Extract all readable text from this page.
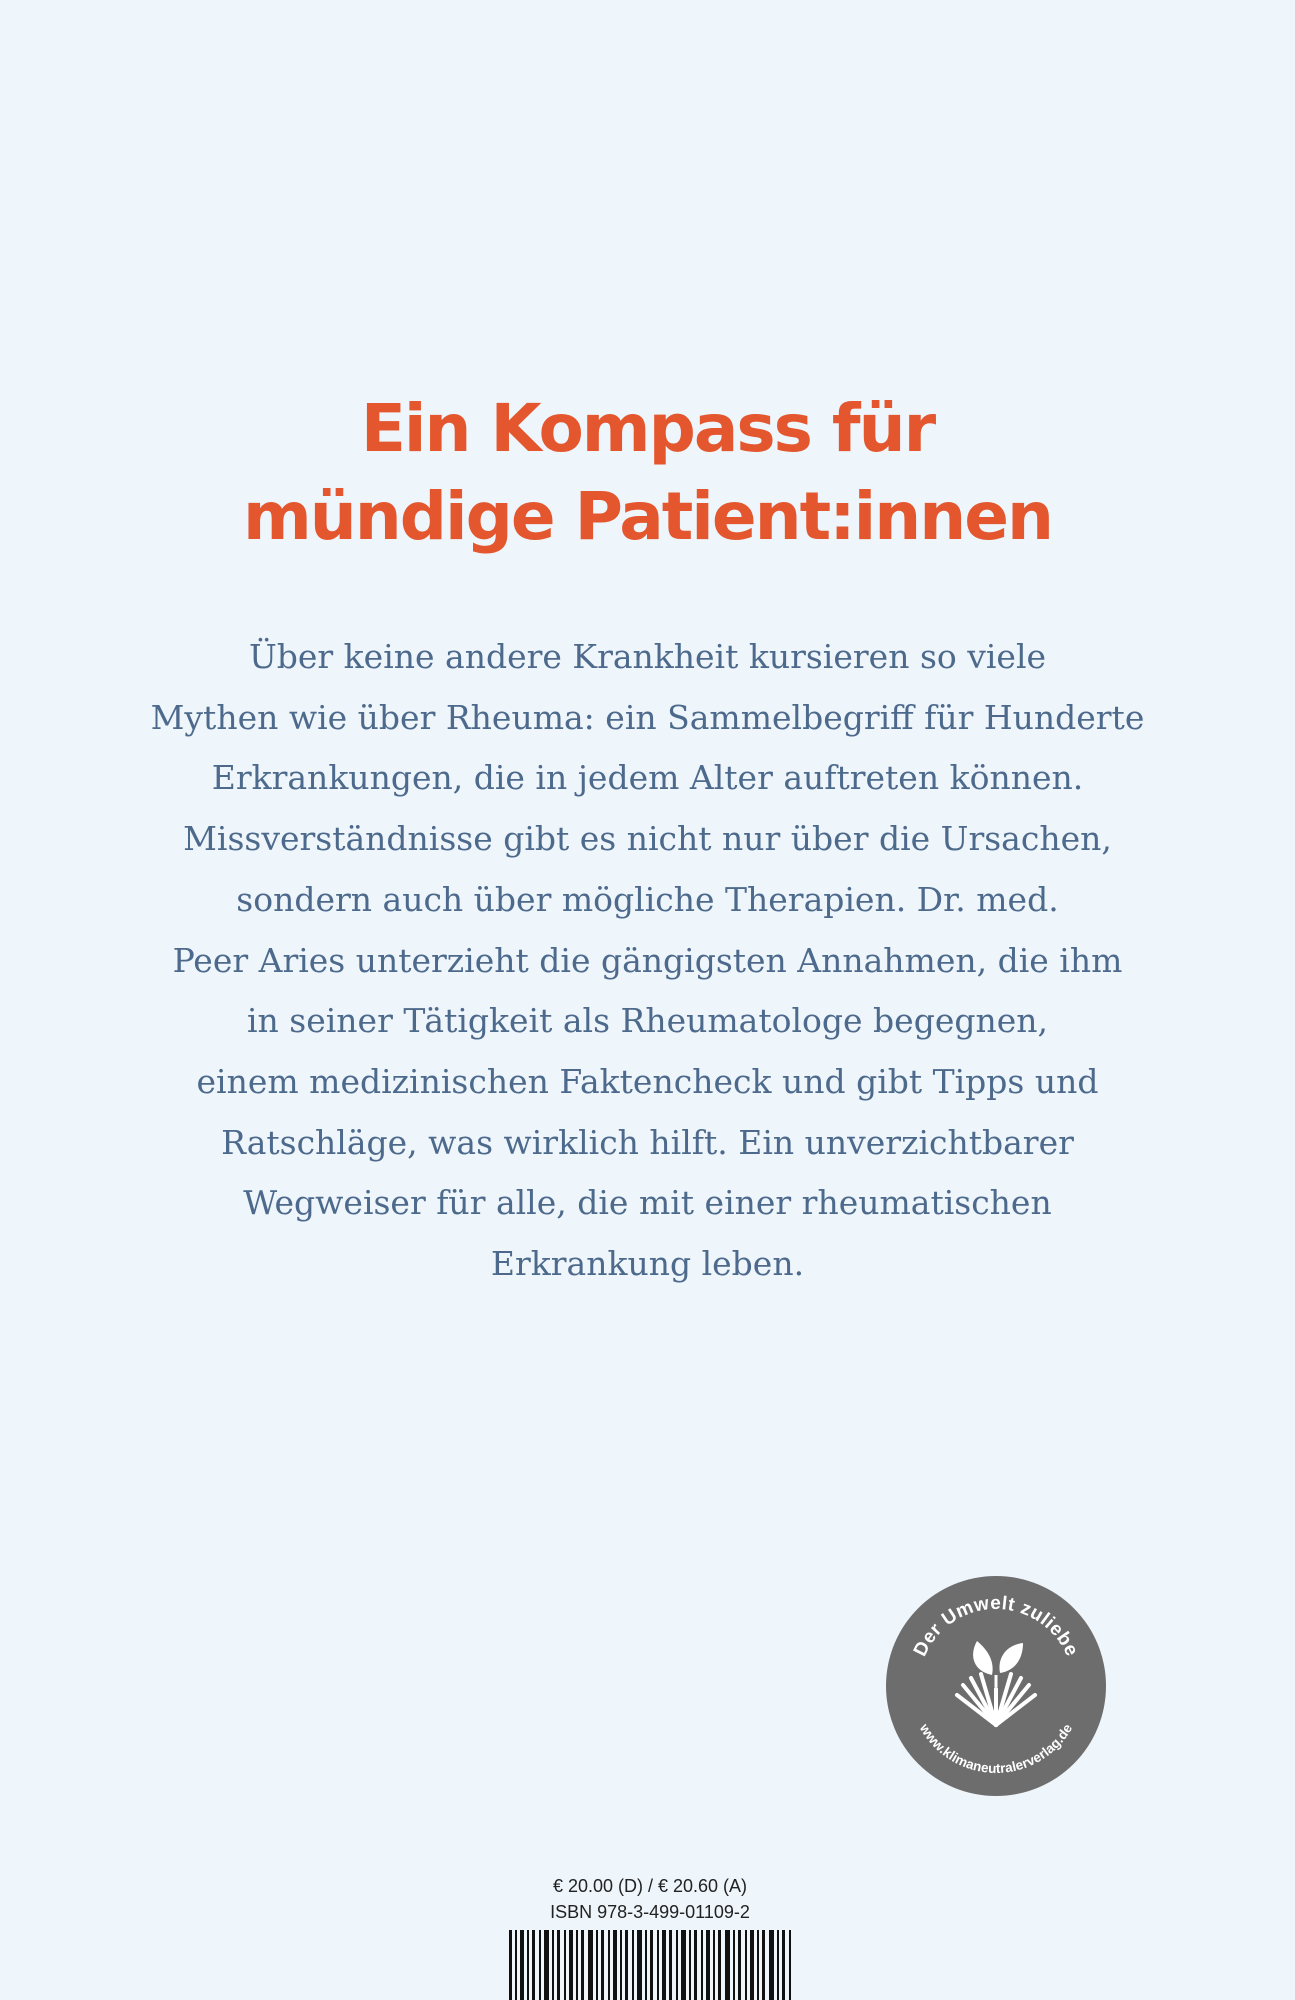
Ein Kompass für
mündige Patient:innen

Über keine andere Krankheit kursieren so viele
Mythen wie über Rheuma: ein Sammelbegriff für Hunderte
Erkrankungen, die in jedem Alter auftreten können.
Missverständnisse gibt es nicht nur über die Ursachen,
sondern auch über mögliche Therapien. Dr. med.
Peer Aries unterzieht die gängigsten Annahmen, die ihm
in seiner Tätigkeit als Rheumatologe begegnen,
einem medizinischen Faktencheck und gibt Tipps und
Ratschläge, was wirklich hilft. Ein unverzichtbarer
Wegweiser für alle, die mit einer rheumatischen
Erkrankung leben.

Der Umwelt zuliebe
www.klimaneutralerverlag.de
€ 20.00 (D) / € 20.60 (A)
ISBN 978-3-499-01109-2
